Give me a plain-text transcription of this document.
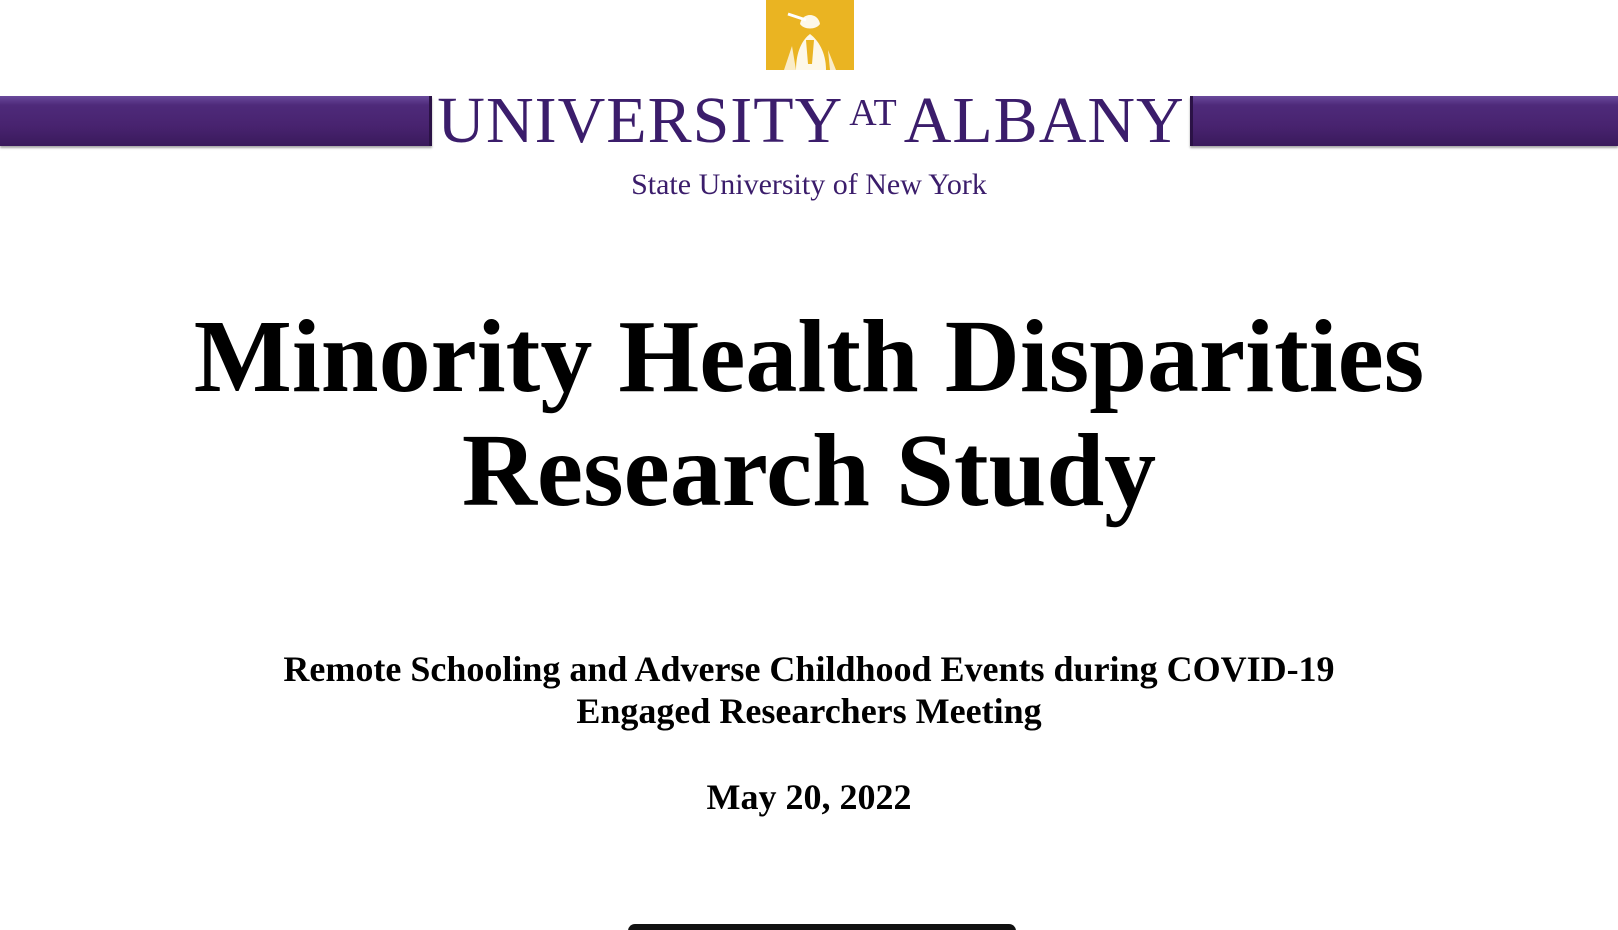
UNIVERSITY AT ALBANY
State University of New York
Minority Health Disparities
Research Study
Remote Schooling and Adverse Childhood Events during COVID-19
Engaged Researchers Meeting
May 20, 2022
